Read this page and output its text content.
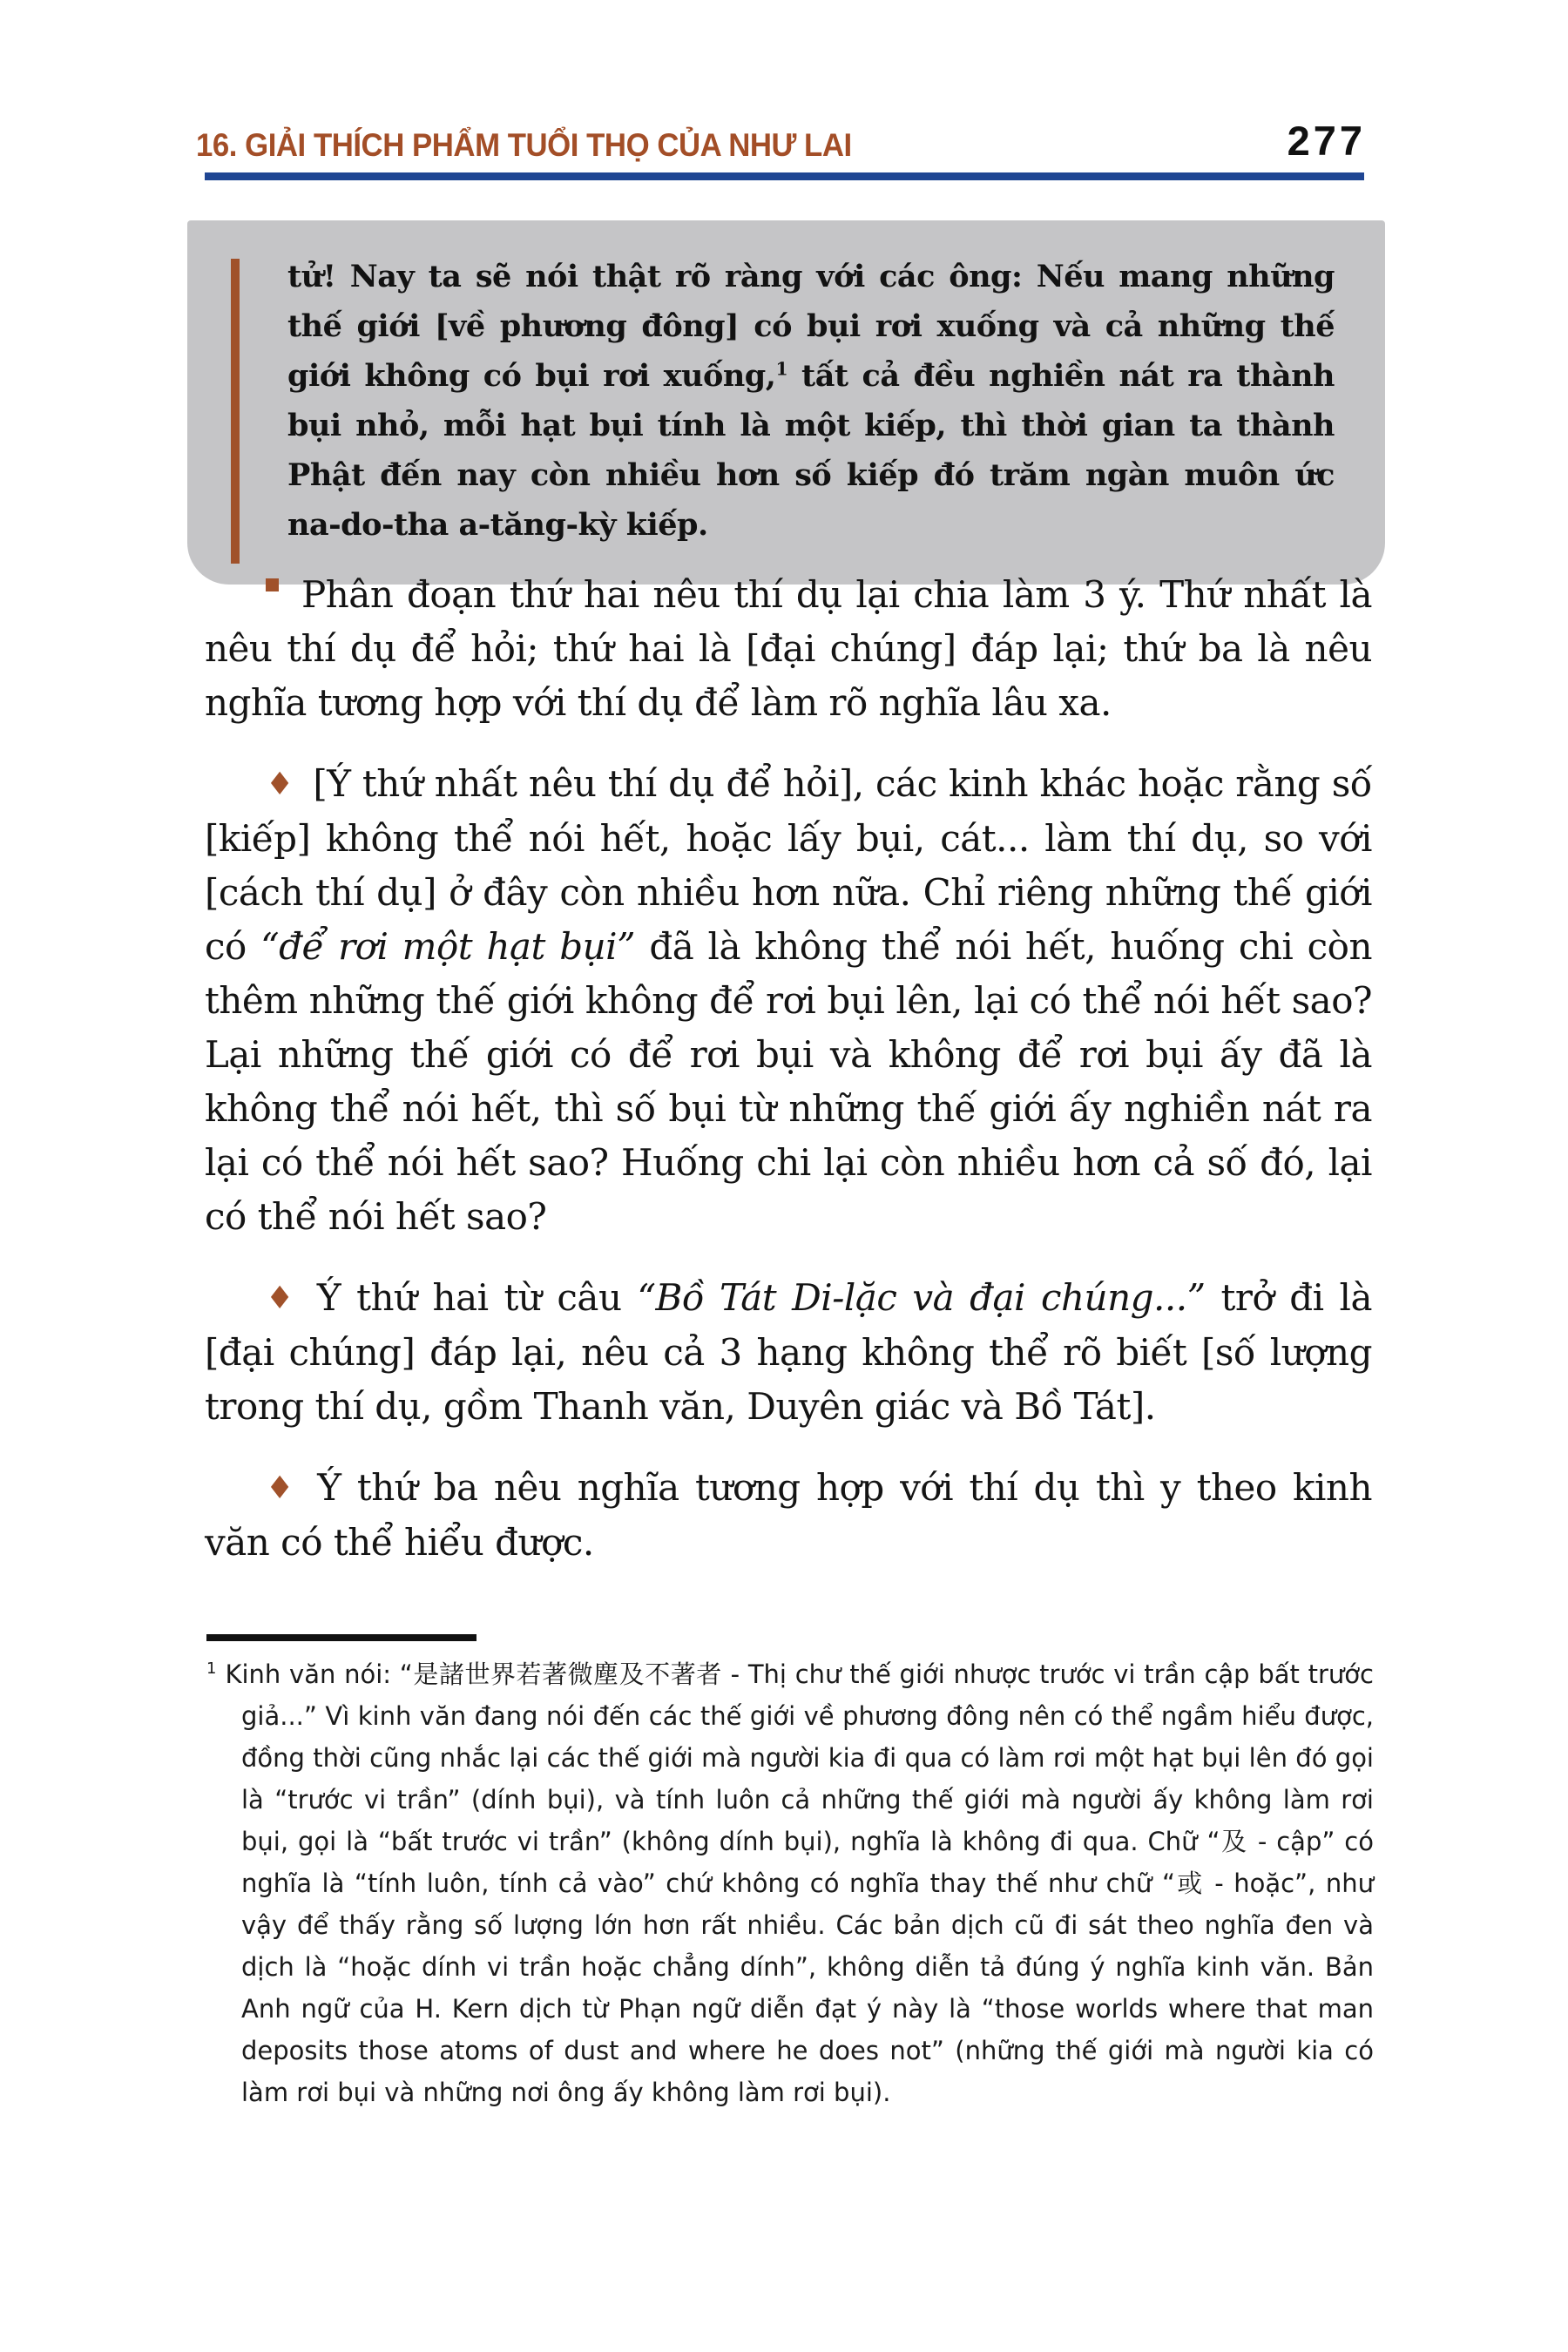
16. GIẢI THÍCH PHẨM TUỔI THỌ CỦA NHƯ LAI	277
tử! Nay ta sẽ nói thật rõ ràng với các ông: Nếu mang những thế giới [về phương đông] có bụi rơi xuống và cả những thế giới không có bụi rơi xuống,$^1$ tất cả đều nghiền nát ra thành bụi nhỏ, mỗi hạt bụi tính là một kiếp, thì thời gian ta thành Phật đến nay còn nhiều hơn số kiếp đó trăm ngàn muôn ức na-do-tha a-tăng-kỳ kiếp.

Phân đoạn thứ hai nêu thí dụ lại chia làm 3 ý. Thứ nhất là nêu thí dụ để hỏi; thứ hai là [đại chúng] đáp lại; thứ ba là nêu nghĩa tương hợp với thí dụ để làm rõ nghĩa lâu xa.

♦ [Ý thứ nhất nêu thí dụ để hỏi], các kinh khác hoặc rằng số [kiếp] không thể nói hết, hoặc lấy bụi, cát... làm thí dụ, so với [cách thí dụ] ở đây còn nhiều hơn nữa. Chỉ riêng những thế giới có “để rơi một hạt bụi” đã là không thể nói hết, huống chi còn thêm những thế giới không để rơi bụi lên, lại có thể nói hết sao? Lại những thế giới có để rơi bụi và không để rơi bụi ấy đã là không thể nói hết, thì số bụi từ những thế giới ấy nghiền nát ra lại có thể nói hết sao? Huống chi lại còn nhiều hơn cả số đó, lại có thể nói hết sao?

♦ Ý thứ hai từ câu “Bồ Tát Di-lặc và đại chúng...” trở đi là [đại chúng] đáp lại, nêu cả 3 hạng không thể rõ biết [số lượng trong thí dụ, gồm Thanh văn, Duyên giác và Bồ Tát].

♦ Ý thứ ba nêu nghĩa tương hợp với thí dụ thì y theo kinh văn có thể hiểu được.

$^1$ Kinh văn nói: “是諸世界若著微塵及不著者 - Thị chư thế giới nhược trước vi trần cập bất trước giả...” Vì kinh văn đang nói đến các thế giới về phương đông nên có thể ngầm hiểu được, đồng thời cũng nhắc lại các thế giới mà người kia đi qua có làm rơi một hạt bụi lên đó gọi là “trước vi trần” (dính bụi), và tính luôn cả những thế giới mà người ấy không làm rơi bụi, gọi là “bất trước vi trần” (không dính bụi), nghĩa là không đi qua. Chữ “及 - cập” có nghĩa là “tính luôn, tính cả vào” chứ không có nghĩa thay thế như chữ “或 - hoặc”, như vậy để thấy rằng số lượng lớn hơn rất nhiều. Các bản dịch cũ đi sát theo nghĩa đen và dịch là “hoặc dính vi trần hoặc chẳng dính”, không diễn tả đúng ý nghĩa kinh văn. Bản Anh ngữ của H. Kern dịch từ Phạn ngữ diễn đạt ý này là “those worlds where that man deposits those atoms of dust and where he does not” (những thế giới mà người kia có làm rơi bụi và những nơi ông ấy không làm rơi bụi).
